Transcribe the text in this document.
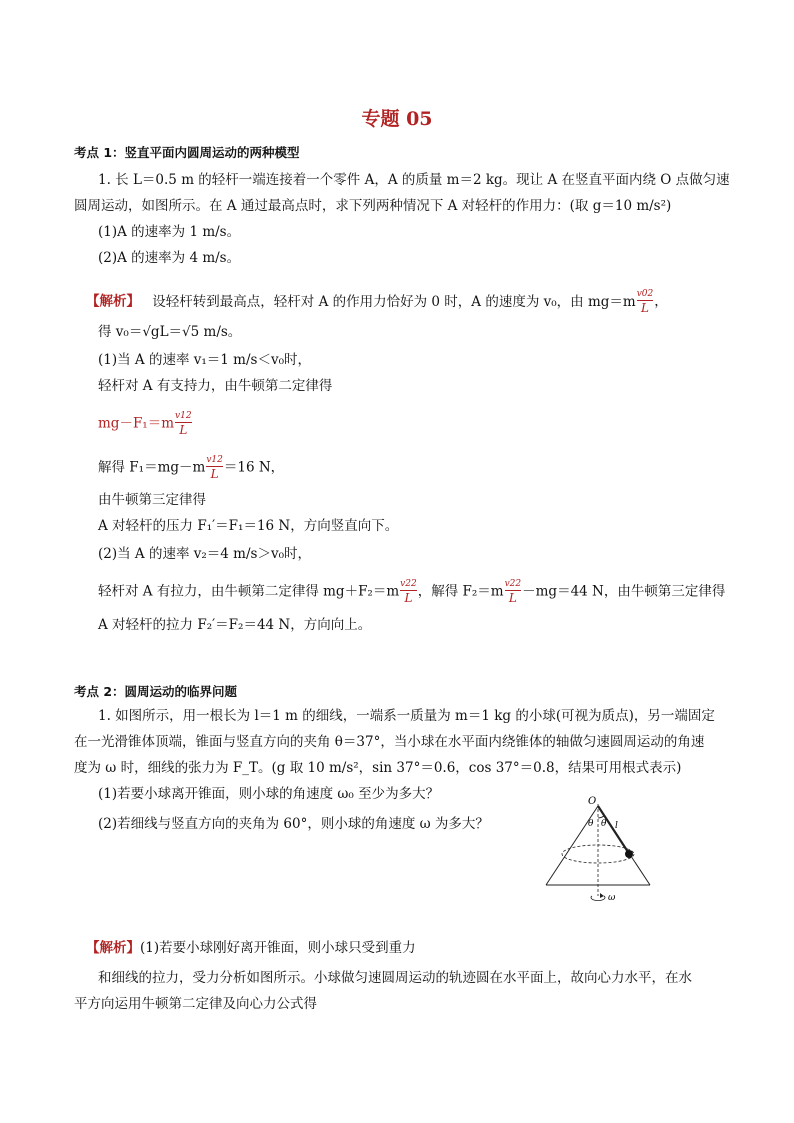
专题 05
考点 1：竖直平面内圆周运动的两种模型
1. 长 L＝0.5 m 的轻杆一端连接着一个零件 A，A 的质量 m＝2 kg。现让 A 在竖直平面内绕 O 点做匀速
圆周运动，如图所示。在 A 通过最高点时，求下列两种情况下 A 对轻杆的作用力：(取 g＝10 m/s²)
(1)A 的速率为 1 m/s。
(2)A 的速率为 4 m/s。
【解析】 设轻杆转到最高点，轻杆对 A 的作用力恰好为 0 时，A 的速度为 v₀，由 $mg=m \frac{v02}{L}$ ，
得 v₀＝√gL＝√5 m/s。
(1)当 A 的速率 v₁＝1 m/s＜v₀时，
轻杆对 A 有支持力，由牛顿第二定律得
$mg-F_1=m \frac{v12}{L}$
解得 $F_1=mg-m \frac{v12}{L} =16$ N，
由牛顿第三定律得
A 对轻杆的压力 F₁′＝F₁＝16 N，方向竖直向下。
(2)当 A 的速率 v₂＝4 m/s＞v₀时，
轻杆对 A 有拉力，由牛顿第二定律得 $mg+F_2=m \frac{v22}{L}$ ，解得 $F_2=m \frac{v22}{L} -mg=44$ N，由牛顿第三定律得
A 对轻杆的拉力 F₂′＝F₂＝44 N，方向向上。
考点 2：圆周运动的临界问题
1. 如图所示，用一根长为 l＝1 m 的细线，一端系一质量为 m＝1 kg 的小球(可视为质点)，另一端固定
在一光滑锥体顶端，锥面与竖直方向的夹角 θ＝37°，当小球在水平面内绕锥体的轴做匀速圆周运动的角速
度为 ω 时，细线的张力为 F_T。(g 取 10 m/s²，sin 37°＝0.6，cos 37°＝0.8，结果可用根式表示)
(1)若要小球离开锥面，则小球的角速度 ω₀ 至少为多大？
(2)若细线与竖直方向的夹角为 60°，则小球的角速度 ω 为多大？
O
θ θ l
ω
【解析】(1)若要小球刚好离开锥面，则小球只受到重力
和细线的拉力，受力分析如图所示。小球做匀速圆周运动的轨迹圆在水平面上，故向心力水平，在水
平方向运用牛顿第二定律及向心力公式得
